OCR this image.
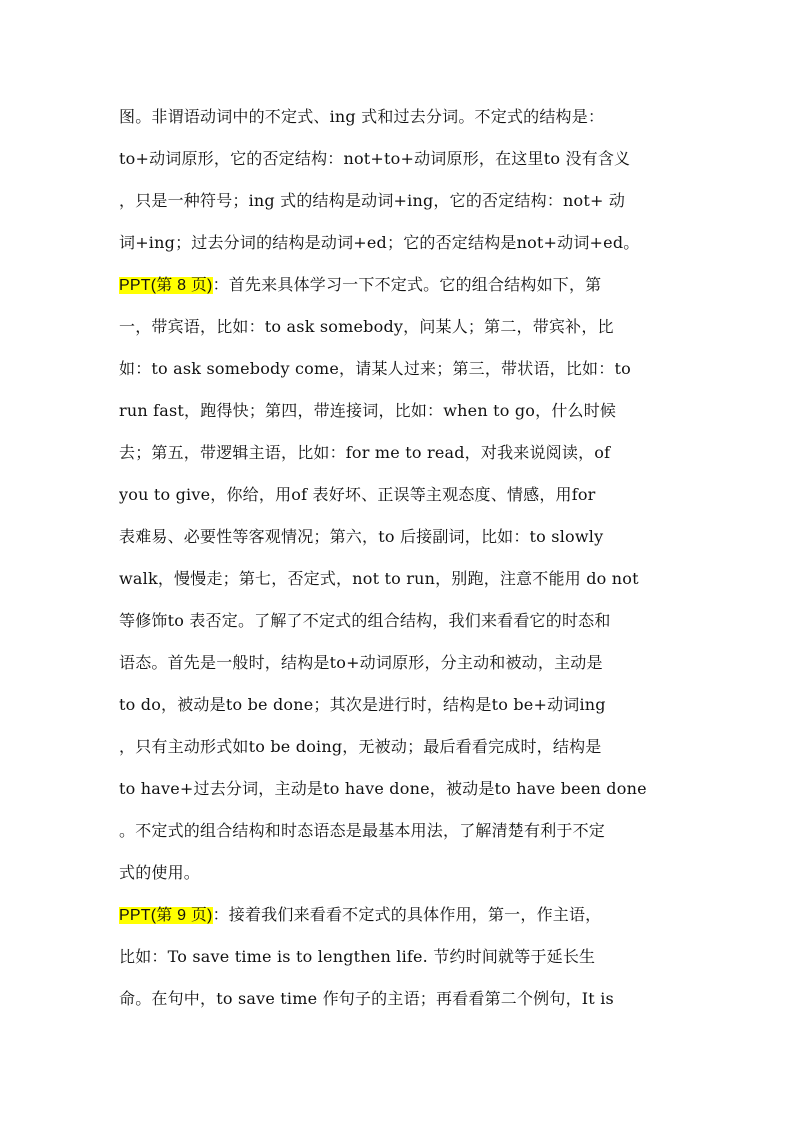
图。非谓语动词中的不定式、ing 式和过去分词。不定式的结构是：
to+动词原形，它的否定结构：not+to+动词原形，在这里to 没有含义
，只是一种符号；ing 式的结构是动词+ing，它的否定结构：not+ 动
词+ing；过去分词的结构是动词+ed；它的否定结构是not+动词+ed。
PPT(第 8 页)：首先来具体学习一下不定式。它的组合结构如下，第
一，带宾语，比如：to ask somebody，问某人；第二，带宾补，比
如：to ask somebody come，请某人过来；第三，带状语，比如：to
run fast，跑得快；第四，带连接词，比如：when to go，什么时候
去；第五，带逻辑主语，比如：for me to read，对我来说阅读，of
you to give，你给，用of 表好坏、正误等主观态度、情感，用for
表难易、必要性等客观情况；第六，to 后接副词，比如：to slowly
walk，慢慢走；第七，否定式，not to run，别跑，注意不能用 do not
等修饰to 表否定。了解了不定式的组合结构，我们来看看它的时态和
语态。首先是一般时，结构是to+动词原形，分主动和被动，主动是
to do，被动是to be done；其次是进行时，结构是to be+动词ing
，只有主动形式如to be doing，无被动；最后看看完成时，结构是
to have+过去分词，主动是to have done，被动是to have been done
。不定式的组合结构和时态语态是最基本用法，了解清楚有利于不定
式的使用。
PPT(第 9 页)：接着我们来看看不定式的具体作用，第一，作主语，
比如：To save time is to lengthen life. 节约时间就等于延长生
命。在句中，to save time 作句子的主语；再看看第二个例句，It is
